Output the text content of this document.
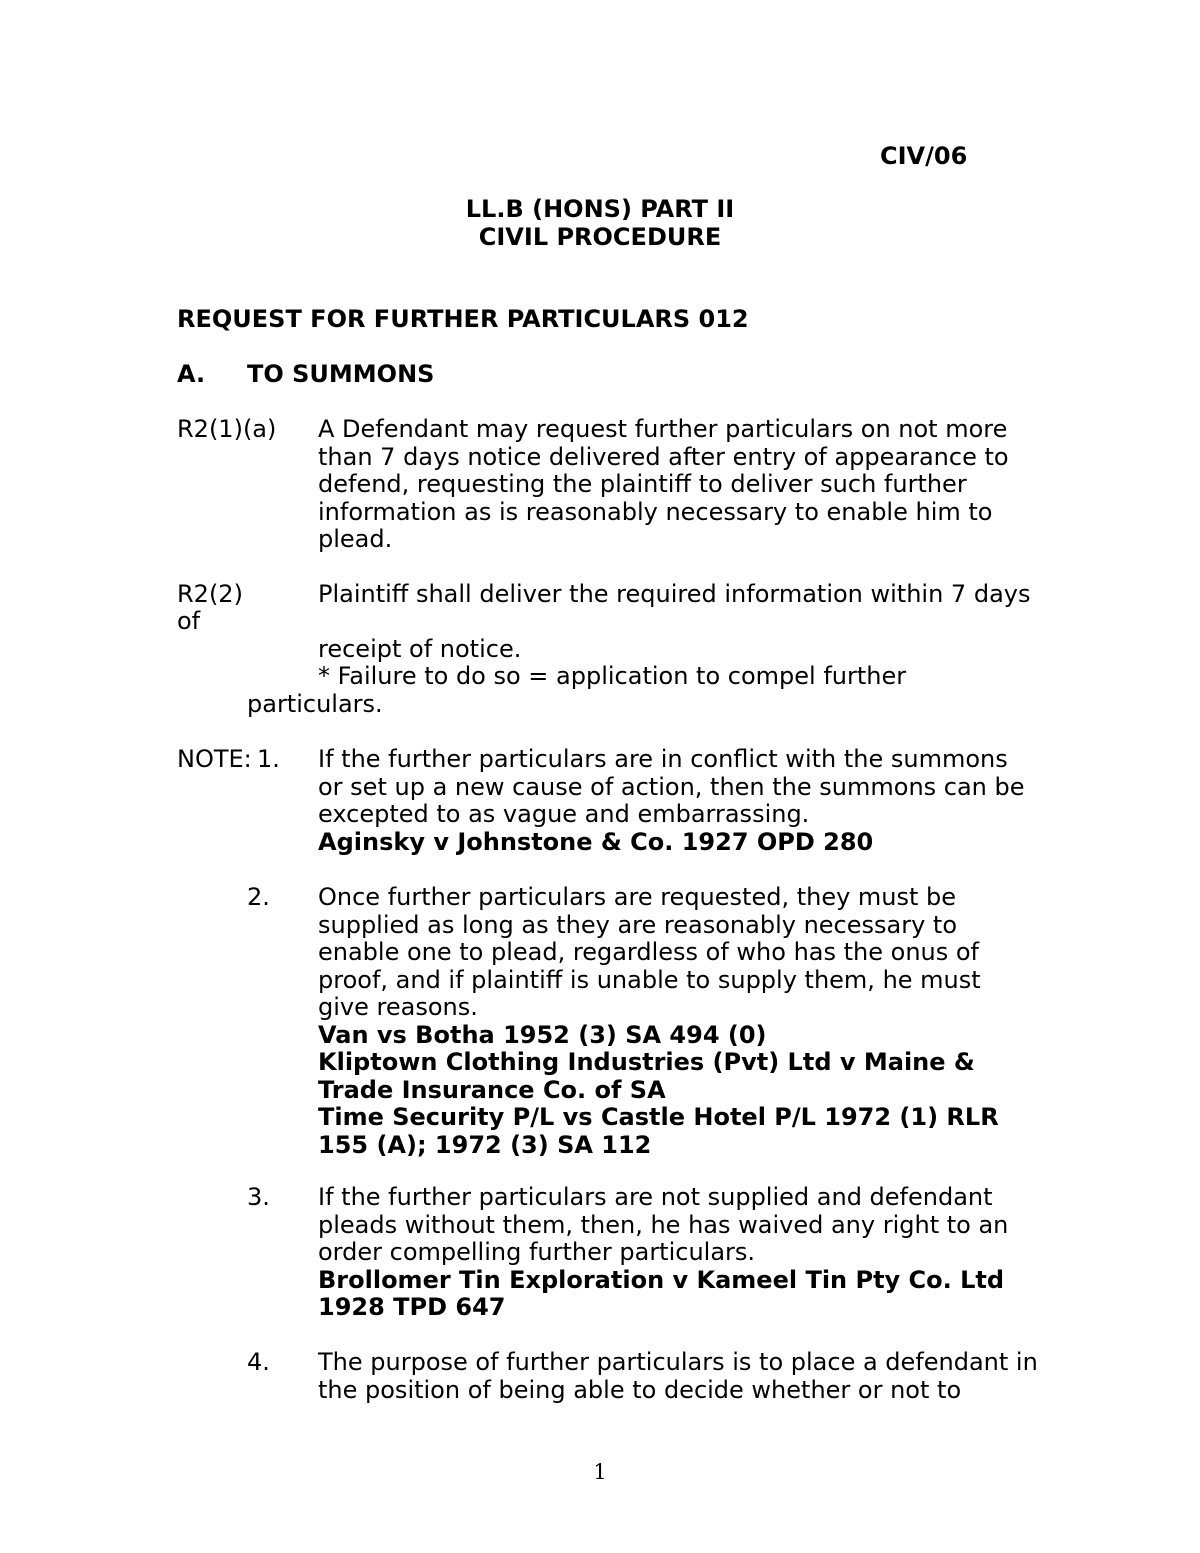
CIV/06
LL.B (HONS) PART II
CIVIL PROCEDURE
REQUEST FOR FURTHER PARTICULARS 012
A. TO SUMMONS
R2(1)(a) A Defendant may request further particulars on not more
than 7 days notice delivered after entry of appearance to
defend, requesting the plaintiff to deliver such further
information as is reasonably necessary to enable him to
plead.
R2(2)	Plaintiff shall deliver the required information within 7 days
of
receipt of notice.
* Failure to do so = application to compel further
particulars.
NOTE: 1. If the further particulars are in conflict with the summons
or set up a new cause of action, then the summons can be
excepted to as vague and embarrassing.
Aginsky v Johnstone & Co. 1927 OPD 280
2. Once further particulars are requested, they must be
supplied as long as they are reasonably necessary to
enable one to plead, regardless of who has the onus of
proof, and if plaintiff is unable to supply them, he must
give reasons.
Van vs Botha 1952 (3) SA 494 (0)
Kliptown Clothing Industries (Pvt) Ltd v Maine &
Trade Insurance Co. of SA
Time Security P/L vs Castle Hotel P/L 1972 (1) RLR
155 (A); 1972 (3) SA 112
3. If the further particulars are not supplied and defendant
pleads without them, then, he has waived any right to an
order compelling further particulars.
Brollomer Tin Exploration v Kameel Tin Pty Co. Ltd
1928 TPD 647
4. The purpose of further particulars is to place a defendant in
the position of being able to decide whether or not to
1
